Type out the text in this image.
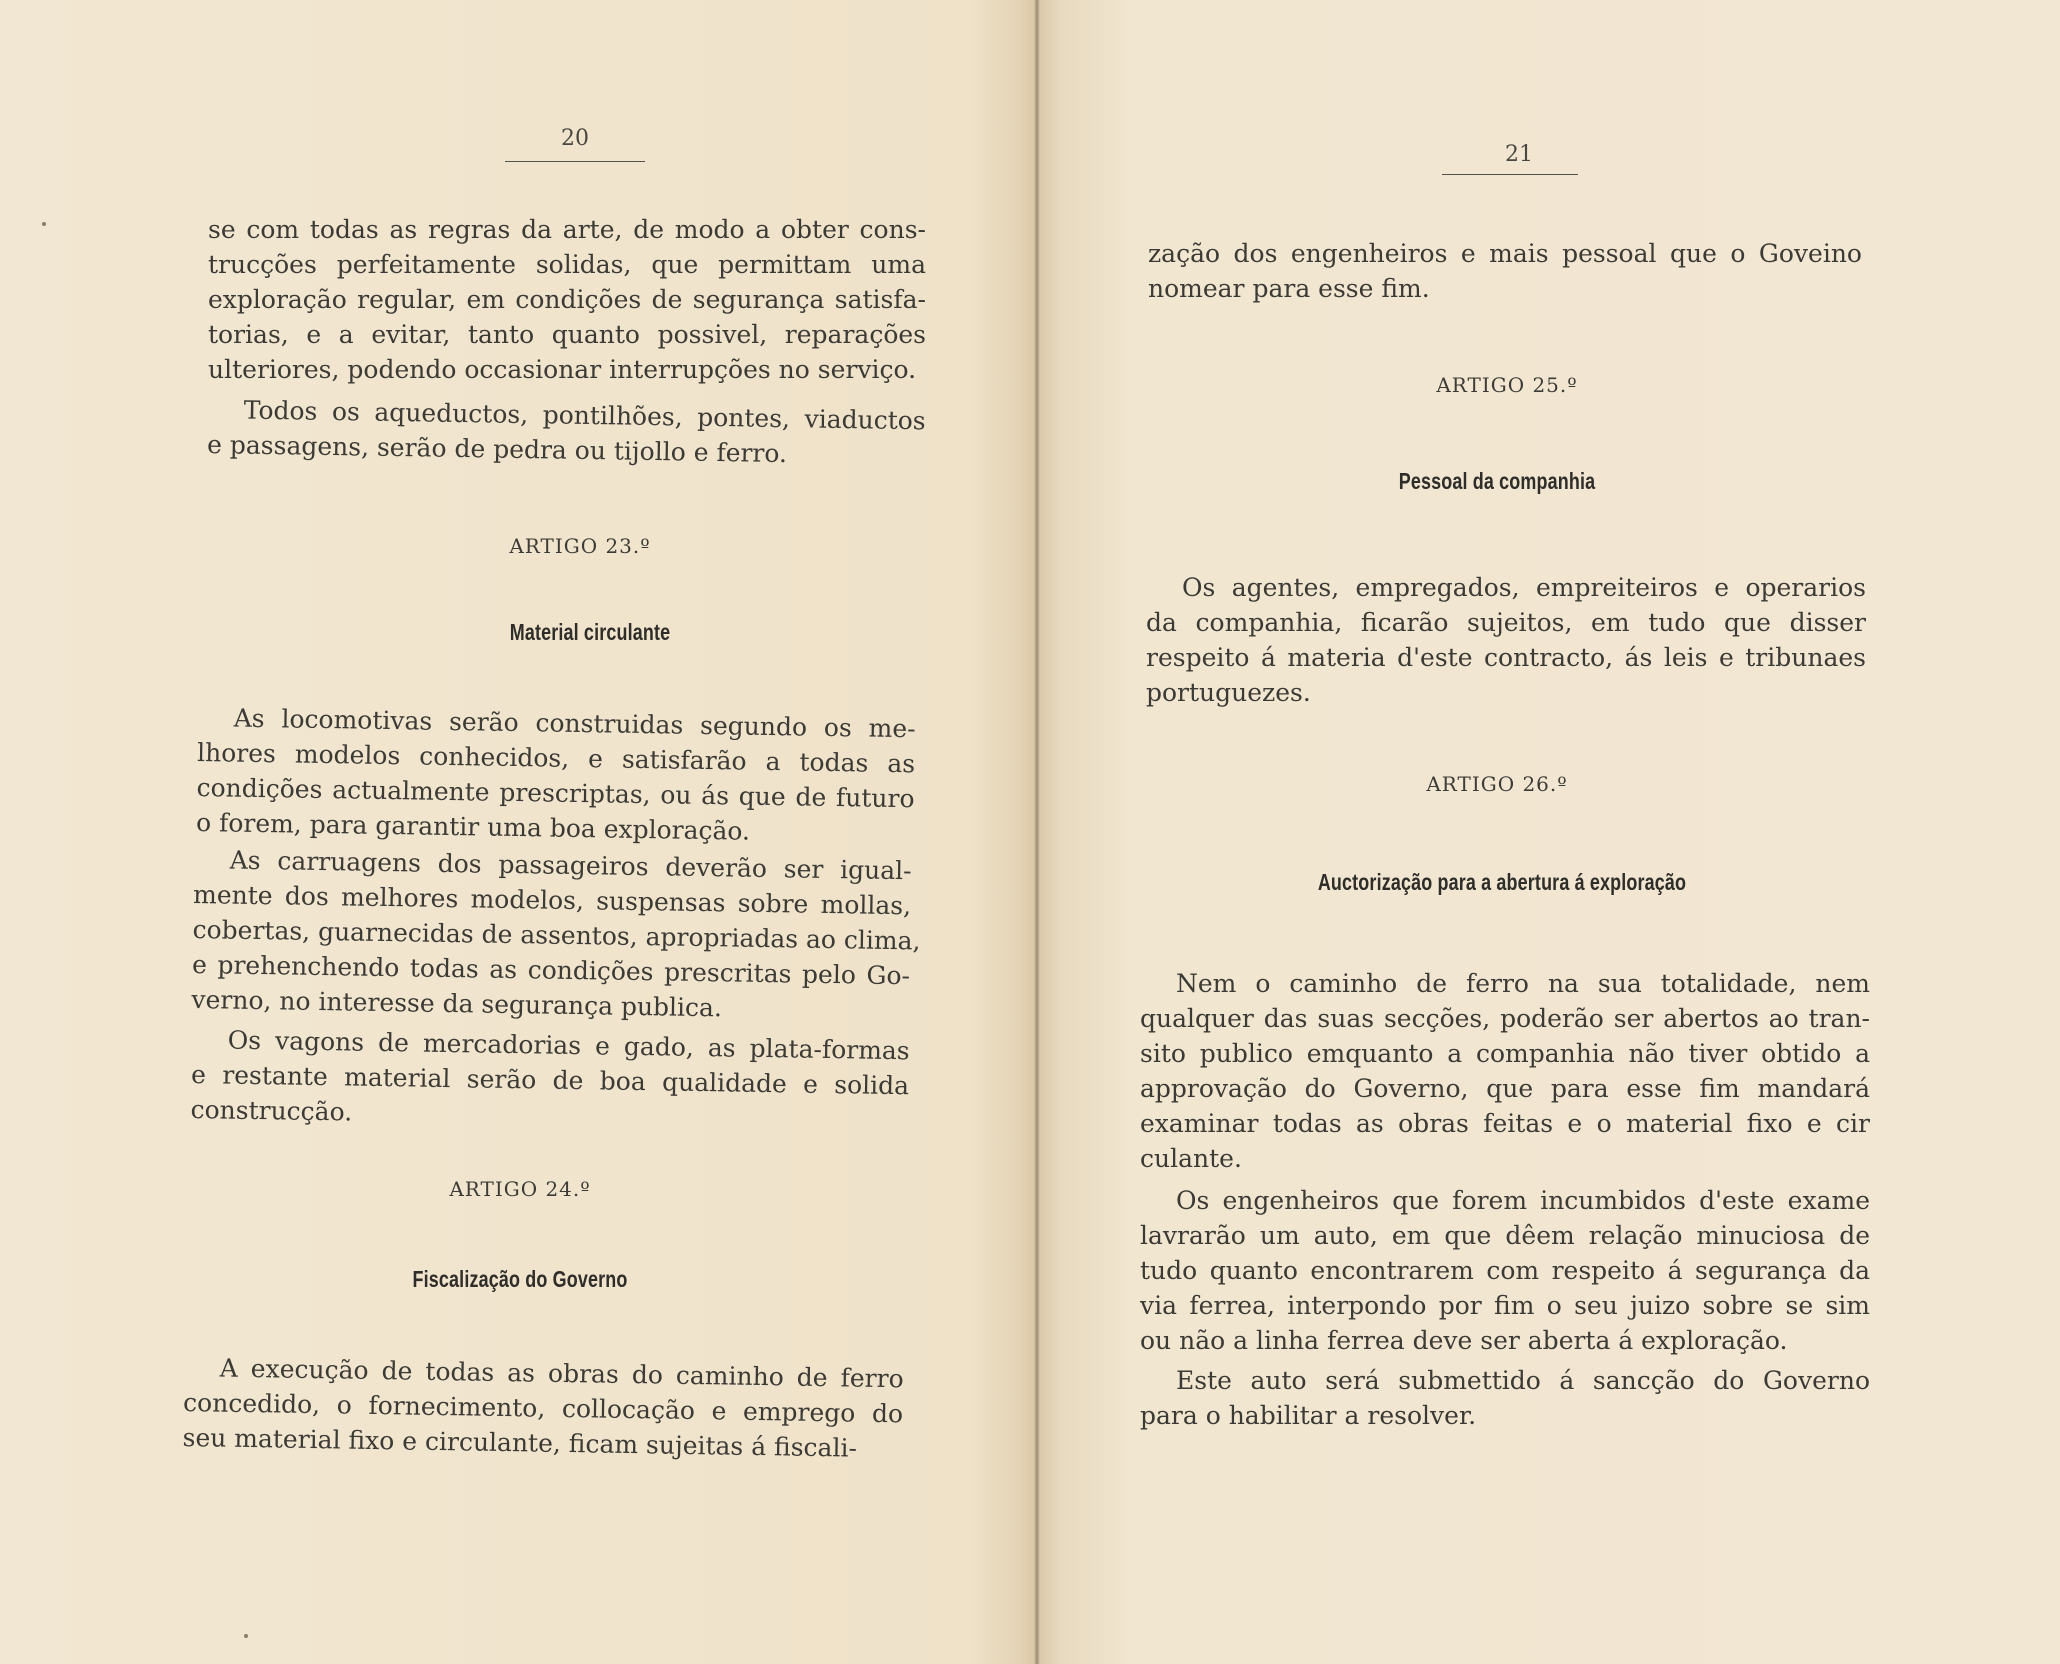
20
se com todas as regras da arte, de modo a obter cons-
trucções perfeitamente solidas, que permittam uma
exploração regular, em condições de segurança satisfa-
torias, e a evitar, tanto quanto possivel, reparações
ulteriores, podendo occasionar interrupções no serviço.
Todos os aqueductos, pontilhões, pontes, viaductos
e passagens, serão de pedra ou tijollo e ferro.
ARTIGO 23.º
Material circulante
As locomotivas serão construidas segundo os me-
lhores modelos conhecidos, e satisfarão a todas as
condições actualmente prescriptas, ou ás que de futuro
o forem, para garantir uma boa exploração.
As carruagens dos passageiros deverão ser igual-
mente dos melhores modelos, suspensas sobre mollas,
cobertas, guarnecidas de assentos, apropriadas ao clima,
e prehenchendo todas as condições prescritas pelo Go-
verno, no interesse da segurança publica.
Os vagons de mercadorias e gado, as plata-formas
e restante material serão de boa qualidade e solida
construcção.
ARTIGO 24.º
Fiscalização do Governo
A execução de todas as obras do caminho de ferro
concedido, o fornecimento, collocação e emprego do
seu material fixo e circulante, ficam sujeitas á fiscali-
21
zação dos engenheiros e mais pessoal que o Goveino
nomear para esse fim.
ARTIGO 25.º
Pessoal da companhia
Os agentes, empregados, empreiteiros e operarios
da companhia, ficarão sujeitos, em tudo que disser
respeito á materia d'este contracto, ás leis e tribunaes
portuguezes.
ARTIGO 26.º
Auctorização para a abertura á exploração
Nem o caminho de ferro na sua totalidade, nem
qualquer das suas secções, poderão ser abertos ao tran-
sito publico emquanto a companhia não tiver obtido a
approvação do Governo, que para esse fim mandará
examinar todas as obras feitas e o material fixo e cir
culante.
Os engenheiros que forem incumbidos d'este exame
lavrarão um auto, em que dêem relação minuciosa de
tudo quanto encontrarem com respeito á segurança da
via ferrea, interpondo por fim o seu juizo sobre se sim
ou não a linha ferrea deve ser aberta á exploração.
Este auto será submettido á sancção do Governo
para o habilitar a resolver.
